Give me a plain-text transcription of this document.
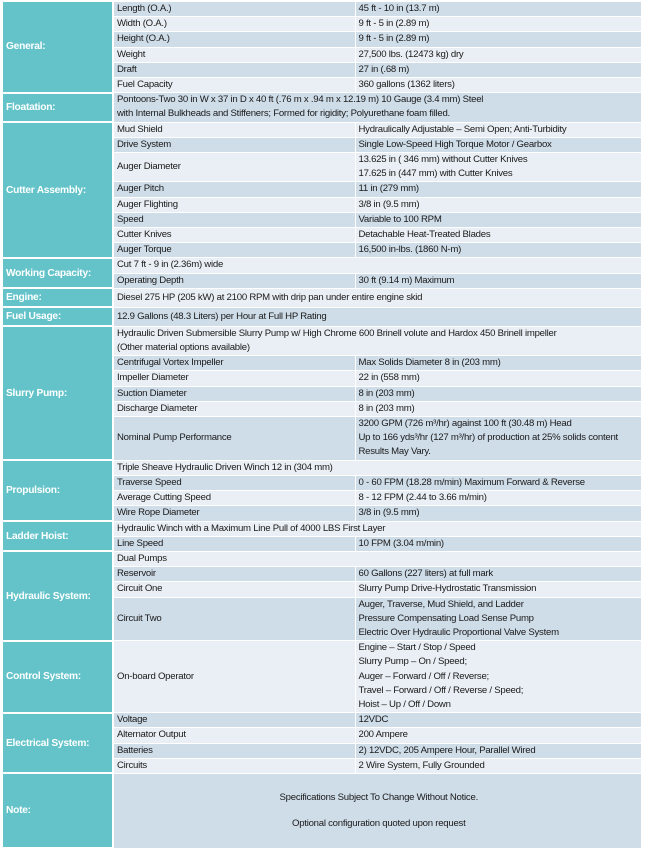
General:	Length (O.A.)	45 ft - 10 in (13.7 m)

	Width (O.A.)	9 ft - 5 in (2.89 m)

	Height (O.A.)	9 ft - 5 in (2.89 m)

	Weight	27,500 lbs. (12473 kg) dry

	Draft	27 in (.68 m)

	Fuel Capacity	360 gallons (1362 liters)

Floatation:	Pontoons-Two 30 in W x 37 in D x 40 ft (.76 m x .94 m x 12.19 m) 10 Gauge (3.4 mm) Steel
with Internal Bulkheads and Stiffeners; Formed for rigidity; Polyurethane foam filled.	

Cutter Assembly:	Mud Shield	Hydraulically Adjustable – Semi Open; Anti-Turbidity

	Drive System	Single Low-Speed High Torque Motor / Gearbox

	Auger Diameter	13.625 in ( 346 mm) without Cutter Knives
17.625 in (447 mm) with Cutter Knives

	Auger Pitch	11 in (279 mm)

	Auger Flighting	3/8 in (9.5 mm)

	Speed	Variable to 100 RPM

	Cutter Knives	Detachable Heat-Treated Blades

	Auger Torque	16,500 in-lbs. (1860 N-m)

Working Capacity:	Cut 7 ft - 9 in (2.36m) wide	

	Operating Depth	30 ft (9.14 m) Maximum

Engine:	Diesel 275 HP (205 kW) at 2100 RPM with drip pan under entire engine skid	

Fuel Usage:	12.9 Gallons (48.3 Liters) per Hour at Full HP Rating	

Slurry Pump:	Hydraulic Driven Submersible Slurry Pump w/ High Chrome 600 Brinell volute and Hardox 450 Brinell impeller
(Other material options available)	

	Centrifugal Vortex Impeller	Max Solids Diameter 8 in (203 mm)

	Impeller Diameter	22 in (558 mm)

	Suction Diameter	8 in (203 mm)

	Discharge Diameter	8 in (203 mm)

	Nominal Pump Performance	3200 GPM (726 m³/hr) against 100 ft (30.48 m) Head
Up to 166 yds³/hr (127 m³/hr) of production at 25% solids content
Results May Vary.

Propulsion:	Triple Sheave Hydraulic Driven Winch 12 in (304 mm)	

	Traverse Speed	0 - 60 FPM (18.28 m/min) Maximum Forward & Reverse

	Average Cutting Speed	8 - 12 FPM (2.44 to 3.66 m/min)

	Wire Rope Diameter	3/8 in (9.5 mm)

Ladder Hoist:	Hydraulic Winch with a Maximum Line Pull of 4000 LBS First Layer	

	Line Speed	10 FPM (3.04 m/min)

Hydraulic System:	Dual Pumps	

	Reservoir	60 Gallons (227 liters) at full mark

	Circuit One	Slurry Pump Drive-Hydrostatic Transmission

	Circuit Two	Auger, Traverse, Mud Shield, and Ladder
Pressure Compensating Load Sense Pump
Electric Over Hydraulic Proportional Valve System

Control System:	On-board Operator	Engine – Start / Stop / Speed
Slurry Pump – On / Speed;
Auger – Forward / Off / Reverse;
Travel – Forward / Off / Reverse / Speed;
Hoist – Up / Off / Down

Electrical System:	Voltage	12VDC

	Alternator Output	200 Ampere

	Batteries	2) 12VDC, 205 Ampere Hour, Parallel Wired

	Circuits	2 Wire System, Fully Grounded

Note:	Specifications Subject To Change Without Notice.
Optional configuration quoted upon request	
